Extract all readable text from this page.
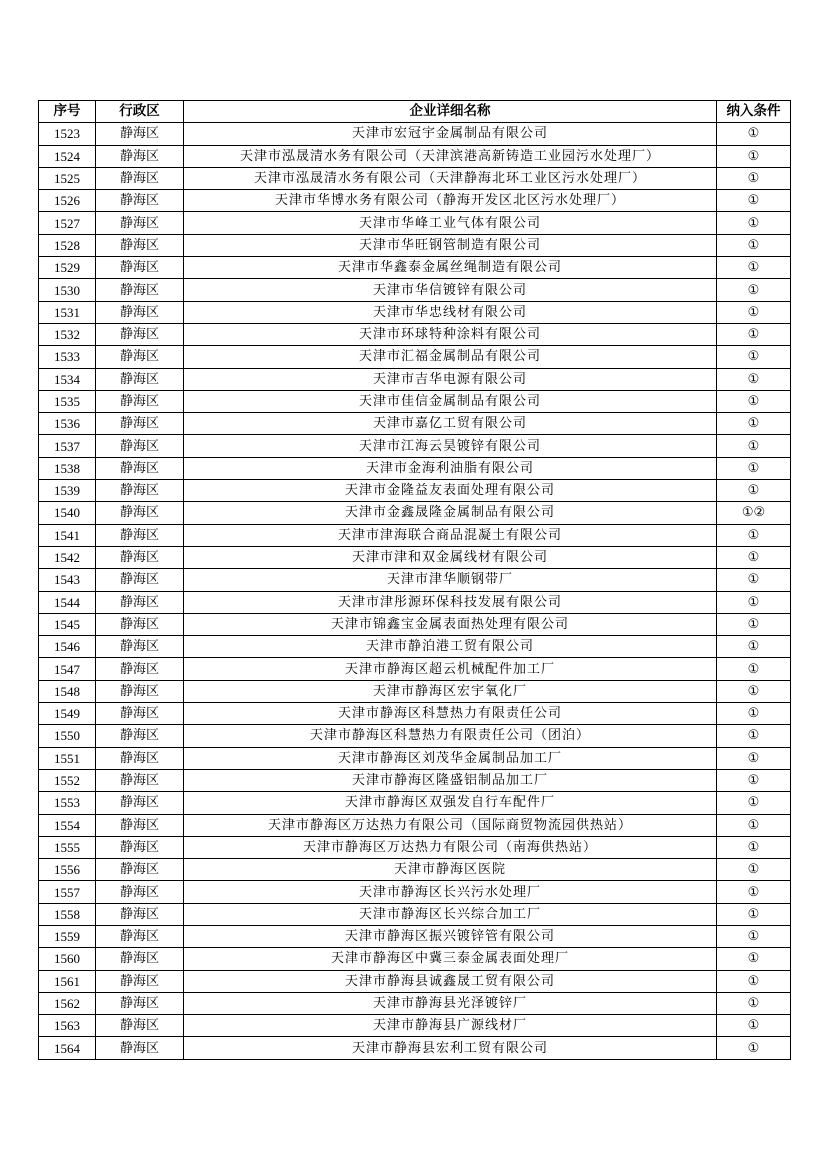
序号	行政区	企业详细名称	纳入条件
1523	静海区	天津市宏冠宇金属制品有限公司	①
1524	静海区	天津市泓晟清水务有限公司（天津滨港高新铸造工业园污水处理厂）	①
1525	静海区	天津市泓晟清水务有限公司（天津静海北环工业区污水处理厂）	①
1526	静海区	天津市华博水务有限公司（静海开发区北区污水处理厂）	①
1527	静海区	天津市华峰工业气体有限公司	①
1528	静海区	天津市华旺钢管制造有限公司	①
1529	静海区	天津市华鑫泰金属丝绳制造有限公司	①
1530	静海区	天津市华信镀锌有限公司	①
1531	静海区	天津市华忠线材有限公司	①
1532	静海区	天津市环球特种涂料有限公司	①
1533	静海区	天津市汇福金属制品有限公司	①
1534	静海区	天津市吉华电源有限公司	①
1535	静海区	天津市佳信金属制品有限公司	①
1536	静海区	天津市嘉亿工贸有限公司	①
1537	静海区	天津市江海云昊镀锌有限公司	①
1538	静海区	天津市金海利油脂有限公司	①
1539	静海区	天津市金隆益友表面处理有限公司	①
1540	静海区	天津市金鑫晟隆金属制品有限公司	①②
1541	静海区	天津市津海联合商品混凝土有限公司	①
1542	静海区	天津市津和双金属线材有限公司	①
1543	静海区	天津市津华顺钢带厂	①
1544	静海区	天津市津彤源环保科技发展有限公司	①
1545	静海区	天津市锦鑫宝金属表面热处理有限公司	①
1546	静海区	天津市静泊港工贸有限公司	①
1547	静海区	天津市静海区超云机械配件加工厂	①
1548	静海区	天津市静海区宏宇氧化厂	①
1549	静海区	天津市静海区科慧热力有限责任公司	①
1550	静海区	天津市静海区科慧热力有限责任公司（团泊）	①
1551	静海区	天津市静海区刘茂华金属制品加工厂	①
1552	静海区	天津市静海区隆盛铝制品加工厂	①
1553	静海区	天津市静海区双强发自行车配件厂	①
1554	静海区	天津市静海区万达热力有限公司（国际商贸物流园供热站）	①
1555	静海区	天津市静海区万达热力有限公司（南海供热站）	①
1556	静海区	天津市静海区医院	①
1557	静海区	天津市静海区长兴污水处理厂	①
1558	静海区	天津市静海区长兴综合加工厂	①
1559	静海区	天津市静海区振兴镀锌管有限公司	①
1560	静海区	天津市静海区中冀三泰金属表面处理厂	①
1561	静海区	天津市静海县诚鑫晟工贸有限公司	①
1562	静海区	天津市静海县光泽镀锌厂	①
1563	静海区	天津市静海县广源线材厂	①
1564	静海区	天津市静海县宏利工贸有限公司	①
